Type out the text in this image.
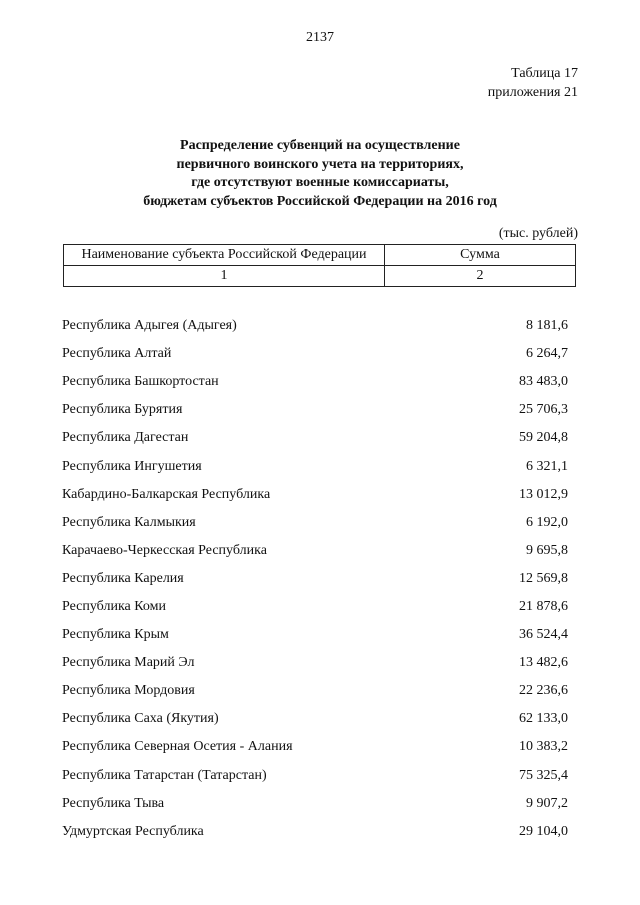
2137
Таблица 17
приложения 21
Распределение субвенций на осуществление
первичного воинского учета на территориях,
где отсутствуют военные комиссариаты,
бюджетам субъектов Российской Федерации на 2016 год
(тыс. рублей)
Наименование субъекта Российской Федерации	Сумма
1	2
Республика Адыгея (Адыгея)	8 181,6
Республика Алтай	6 264,7
Республика Башкортостан	83 483,0
Республика Бурятия	25 706,3
Республика Дагестан	59 204,8
Республика Ингушетия	6 321,1
Кабардино-Балкарская Республика	13 012,9
Республика Калмыкия	6 192,0
Карачаево-Черкесская Республика	9 695,8
Республика Карелия	12 569,8
Республика Коми	21 878,6
Республика Крым	36 524,4
Республика Марий Эл	13 482,6
Республика Мордовия	22 236,6
Республика Саха (Якутия)	62 133,0
Республика Северная Осетия - Алания	10 383,2
Республика Татарстан (Татарстан)	75 325,4
Республика Тыва	9 907,2
Удмуртская Республика	29 104,0
